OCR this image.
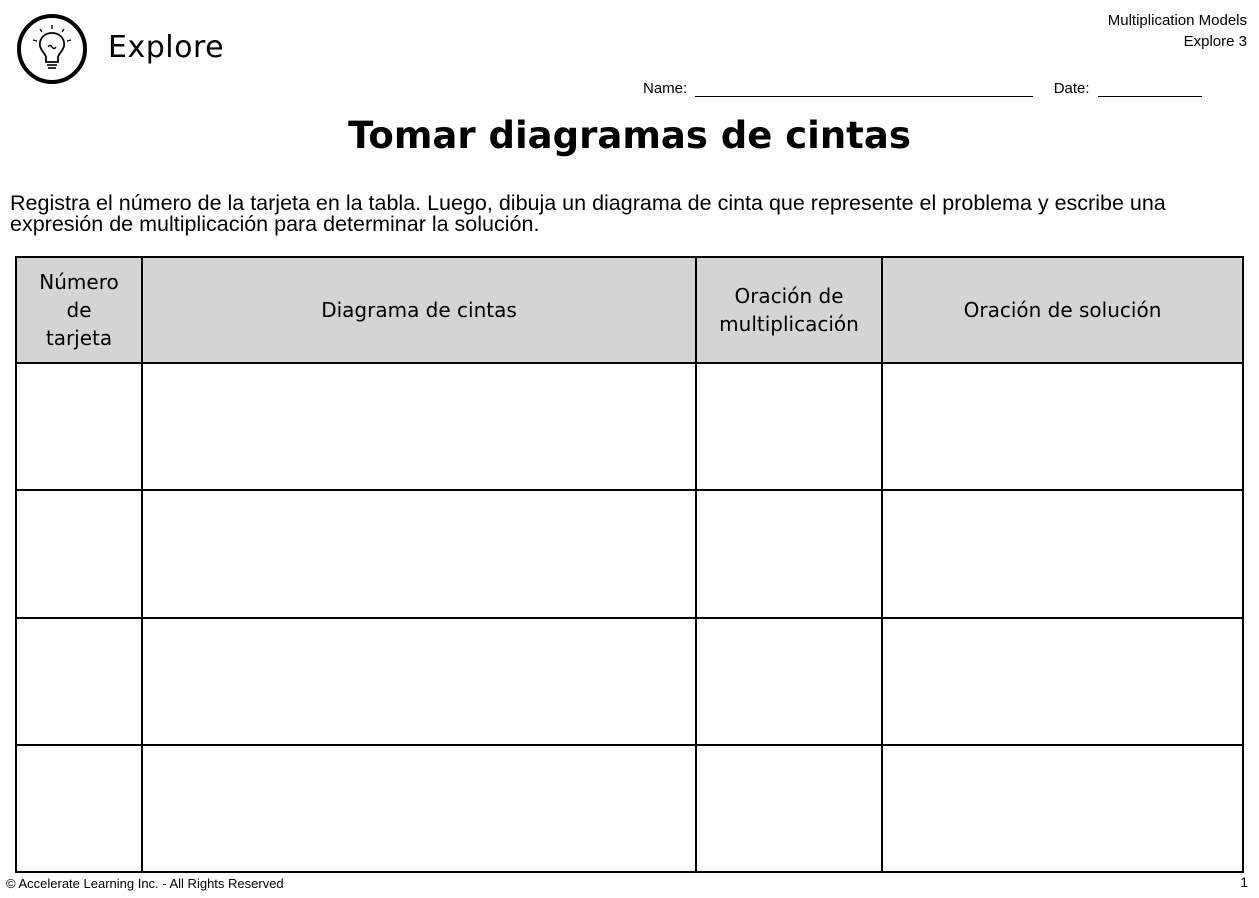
Explore
Multiplication Models
Explore 3
Name:	Date:
Tomar diagramas de cintas
Registra el número de la tarjeta en la tabla. Luego, dibuja un diagrama de cinta que represente el problema y escribe una expresión de multiplicación para determinar la solución.
Número de tarjeta	Diagrama de cintas	Oración de multiplicación	Oración de solución

© Accelerate Learning Inc. - All Rights Reserved	1
